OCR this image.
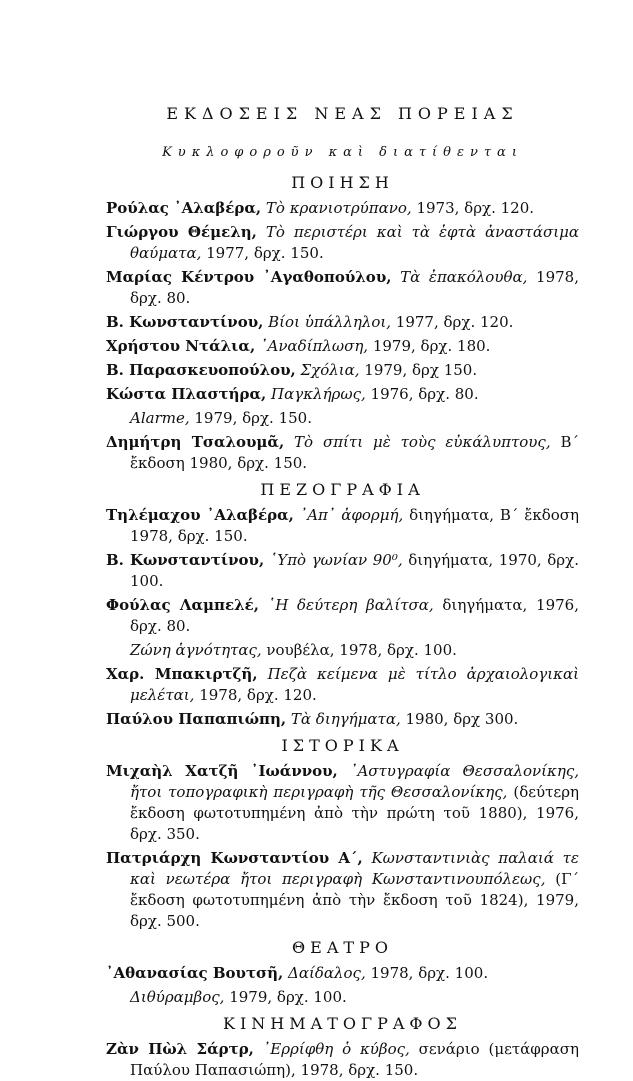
ΕΚΔΟΣΕΙΣ ΝΕΑΣ ΠΟΡΕΙΑΣ
Κυκλοφοροῦν καὶ διατίθενται
ΠΟΙΗΣΗ

Ρούλας ᾿Αλαβέρα, Τὸ κρανιοτρύπανο, 1973, δρχ. 120.

Γιώργου Θέμελη, Τὸ περιστέρι καὶ τὰ ἑφτὰ ἀναστάσιμα θαύματα, 1977, δρχ. 150.

Μαρίας Κέντρου ᾿Αγαθοπούλου, Τὰ ἐπακόλουθα, 1978, δρχ. 80.

Β. Κωνσταντίνου, Βίοι ὑπάλληλοι, 1977, δρχ. 120.

Χρήστου Ντάλια, ᾿Αναδίπλωση, 1979, δρχ. 180.

Β. Παρασκευοπούλου, Σχόλια, 1979, δρχ 150.

Κώστα Πλαστήρα, Παγκλήρως, 1976, δρχ. 80.

Alarme, 1979, δρχ. 150.

Δημήτρη Τσαλουμᾶ, Τὸ σπίτι μὲ τοὺς εὐκάλυπτους, Β΄ ἔκδοση 1980, δρχ. 150.

ΠΕΖΟΓΡΑΦΙΑ

Τηλέμαχου ᾿Αλαβέρα, ᾿Απ᾿ ἀφορμή, διηγήματα, Β΄ ἔκδοση 1978, δρχ. 150.

Β. Κωνσταντίνου, ῾Υπὸ γωνίαν 90⁰, διηγήματα, 1970, δρχ. 100.

Φούλας Λαμπελέ, ῾Η δεύτερη βαλίτσα, διηγήματα, 1976, δρχ. 80.

Ζώνη ἁγνότητας, νουβέλα, 1978, δρχ. 100.

Χαρ. Μπακιρτζῆ, Πεζὰ κείμενα μὲ τίτλο ἀρχαιολογικαὶ μελέται, 1978, δρχ. 120.

Παύλου Παπαπιώπη, Τὰ διηγήματα, 1980, δρχ 300.

ΙΣΤΟΡΙΚΑ

Μιχαὴλ Χατζῆ ᾿Ιωάννου, ᾿Αστυγραφία Θεσσαλονίκης, ἤτοι τοπογραφικὴ περιγραφὴ τῆς Θεσσαλονίκης, (δεύτερη ἔκδοση φωτοτυπημένη ἀπὸ τὴν πρώτη τοῦ 1880), 1976, δρχ. 350.

Πατριάρχη Κωνσταντίου Α΄, Κωνσταντινιὰς παλαιά τε καὶ νεωτέρα ἤτοι περιγραφὴ Κωνσταντινουπόλεως, (Γ΄ ἔκδοση φωτοτυπημένη ἀπὸ τὴν ἔκδοση τοῦ 1824), 1979, δρχ. 500.

ΘΕΑΤΡΟ

᾿Αθανασίας Βουτσῆ, Δαίδαλος, 1978, δρχ. 100.

Διθύραμβος, 1979, δρχ. 100.

ΚΙΝΗΜΑΤΟΓΡΑΦΟΣ

Ζὰν Πὼλ Σάρτρ, ᾿Ερρίφθη ὁ κύβος, σενάριο (μετάφραση Παύλου Παπασιώπη), 1978, δρχ. 150.
